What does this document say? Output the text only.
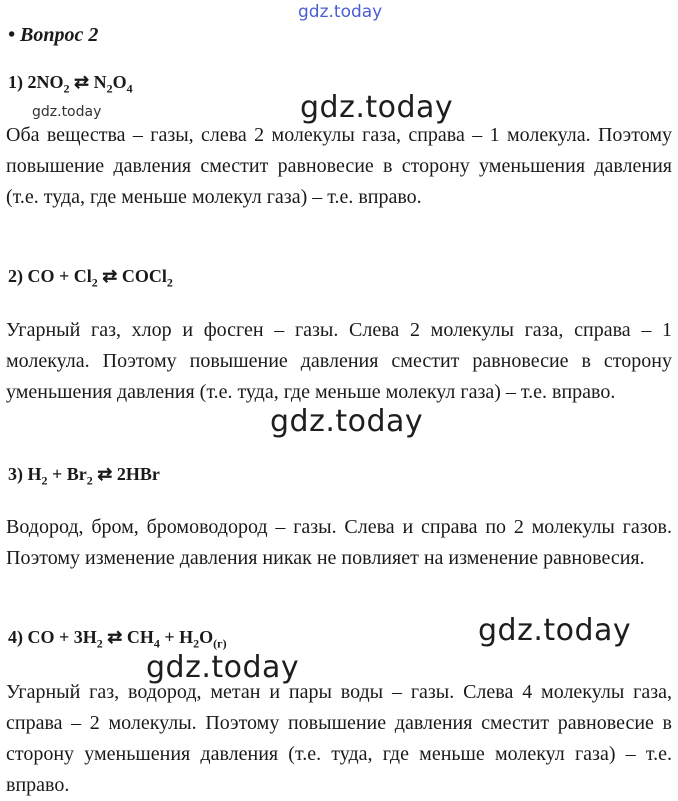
gdz.today
• Вопрос 2
1) $2NO_2$ ⇄ $N_2O_4$
gdz.today	gdz.today
Оба вещества – газы, слева 2 молекулы газа, справа – 1 молекула. Поэтому повышение давления сместит равновесие в сторону уменьшения давления (т.е. туда, где меньше молекул газа) – т.е. вправо.
2) CO + $Cl_2$ ⇄ COCl$_2$
Угарный газ, хлор и фосген – газы. Слева 2 молекулы газа, справа – 1 молекула. Поэтому повышение давления сместит равновесие в сторону уменьшения давления (т.е. туда, где меньше молекул газа) – т.е. вправо.
gdz.today
3) $H_2 + Br_2$ ⇄ 2HBr
Водород, бром, бромоводород – газы. Слева и справа по 2 молекулы газов. Поэтому изменение давления никак не повлияет на изменение равновесия.
gdz.today
4) CO + $3H_2$ ⇄ $CH_4 + H_2O_{(г)}$
gdz.today
Угарный газ, водород, метан и пары воды – газы. Слева 4 молекулы газа, справа – 2 молекулы. Поэтому повышение давления сместит равновесие в сторону уменьшения давления (т.е. туда, где меньше молекул газа) – т.е. вправо.
